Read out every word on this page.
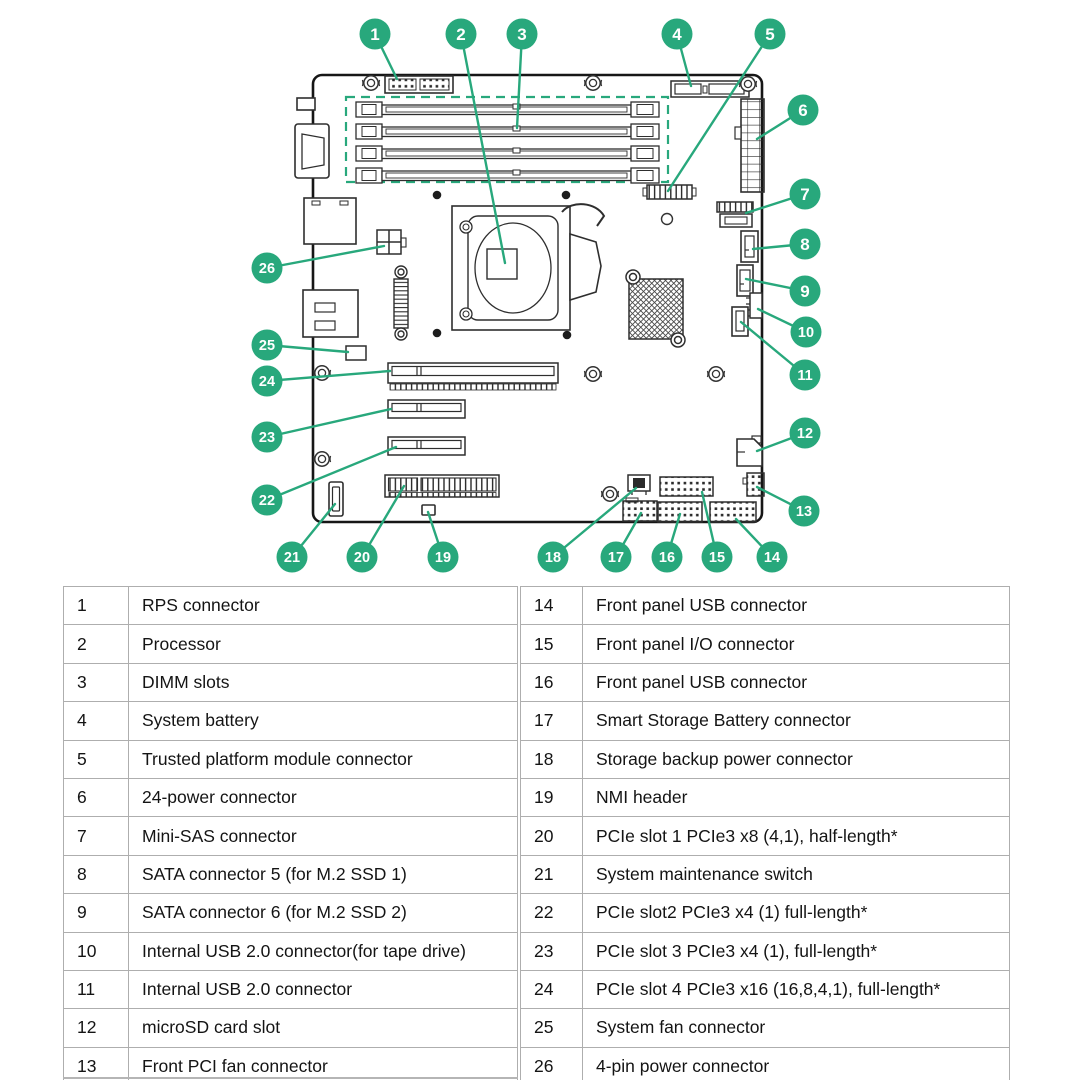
1	2	3	4	5
6
7
8
9
10
11
12
13
14
15
16
17
18
19
20
21
22
23
24
25
26
1	RPS connector
2	Processor
3	DIMM slots
4	System battery
5	Trusted platform module connector
6	24-power connector
7	Mini-SAS connector
8	SATA connector 5 (for M.2 SSD 1)
9	SATA connector 6 (for M.2 SSD 2)
10	Internal USB 2.0 connector(for tape drive)
11	Internal USB 2.0 connector
12	microSD card slot
13	Front PCI fan connector
14	Front panel USB connector
15	Front panel I/O connector
16	Front panel USB connector
17	Smart Storage Battery connector
18	Storage backup power connector
19	NMI header
20	PCIe slot 1 PCIe3 x8 (4,1), half-length*
21	System maintenance switch
22	PCIe slot2 PCIe3 x4 (1) full-length*
23	PCIe slot 3 PCIe3 x4 (1), full-length*
24	PCIe slot 4 PCIe3 x16 (16,8,4,1), full-length*
25	System fan connector
26	4-pin power connector
